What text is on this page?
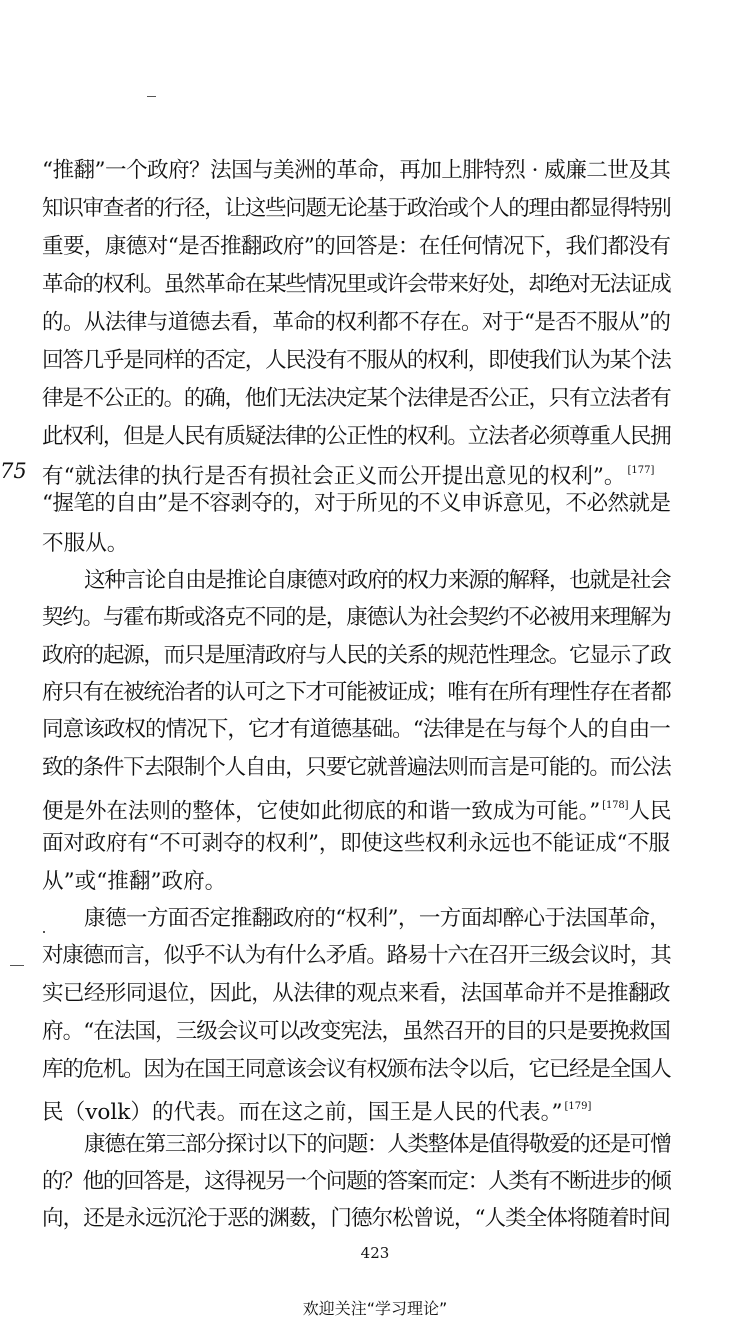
75
“推翻”一个政府？法国与美洲的革命，再加上腓特烈 · 威廉二世及其
知识审查者的行径，让这些问题无论基于政治或个人的理由都显得特别
重要，康德对“是否推翻政府”的回答是：在任何情况下，我们都没有
革命的权利。虽然革命在某些情况里或许会带来好处，却绝对无法证成
的。从法律与道德去看，革命的权利都不存在。对于“是否不服从”的
回答几乎是同样的否定，人民没有不服从的权利，即使我们认为某个法
律是不公正的。的确，他们无法决定某个法律是否公正，只有立法者有
此权利，但是人民有质疑法律的公正性的权利。立法者必须尊重人民拥
有“就法律的执行是否有损社会正义而公开提出意见的权利”。 [177]
“握笔的自由”是不容剥夺的，对于所见的不义申诉意见，不必然就是
不服从。
这种言论自由是推论自康德对政府的权力来源的解释，也就是社会
契约。与霍布斯或洛克不同的是，康德认为社会契约不必被用来理解为
政府的起源，而只是厘清政府与人民的关系的规范性理念。它显示了政
府只有在被统治者的认可之下才可能被证成；唯有在所有理性存在者都
同意该政权的情况下，它才有道德基础。“法律是在与每个人的自由一
致的条件下去限制个人自由，只要它就普遍法则而言是可能的。而公法
便是外在法则的整体，它使如此彻底的和谐一致成为可能。” [178]人民
面对政府有“不可剥夺的权利”，即使这些权利永远也不能证成“不服
从”或“推翻”政府。
康德一方面否定推翻政府的“权利”，一方面却醉心于法国革命，
对康德而言，似乎不认为有什么矛盾。路易十六在召开三级会议时，其
实已经形同退位，因此，从法律的观点来看，法国革命并不是推翻政
府。“在法国，三级会议可以改变宪法，虽然召开的目的只是要挽救国
库的危机。因为在国王同意该会议有权颁布法令以后，它已经是全国人
民（volk）的代表。而在这之前，国王是人民的代表。” [179]
康德在第三部分探讨以下的问题：人类整体是值得敬爱的还是可憎
的？他的回答是，这得视另一个问题的答案而定：人类有不断进步的倾
向，还是永远沉沦于恶的渊薮，门德尔松曾说，“人类全体将随着时间
423
欢迎关注“学习理论”
